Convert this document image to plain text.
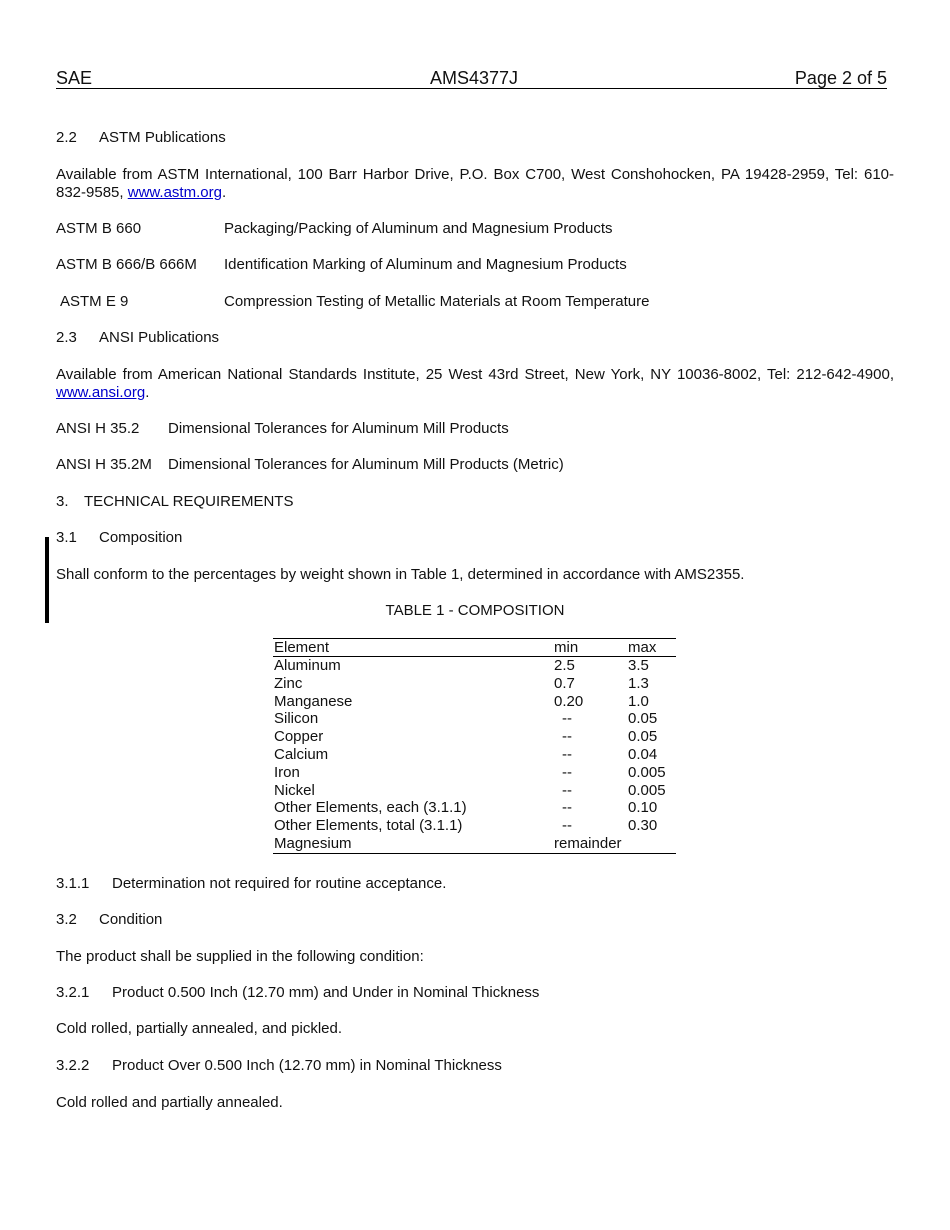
SAE	AMS4377J	Page 2 of 5
2.2 ASTM Publications
Available from ASTM International, 100 Barr Harbor Drive, P.O. Box C700, West Conshohocken, PA 19428-2959, Tel: 610-832-9585, www.astm.org.
ASTM B 660	Packaging/Packing of Aluminum and Magnesium Products
ASTM B 666/B 666M Identification Marking of Aluminum and Magnesium Products
ASTM E 9	Compression Testing of Metallic Materials at Room Temperature
2.3 ANSI Publications
Available from American National Standards Institute, 25 West 43rd Street, New York, NY 10036-8002, Tel: 212-642-4900, www.ansi.org.
ANSI H 35.2 Dimensional Tolerances for Aluminum Mill Products
ANSI H 35.2M Dimensional Tolerances for Aluminum Mill Products (Metric)
3. TECHNICAL REQUIREMENTS
3.1 Composition
Shall conform to the percentages by weight shown in Table 1, determined in accordance with AMS2355.
TABLE 1 - COMPOSITION
Element	min	max
Aluminum	2.5	3.5
Zinc	0.7	1.3
Manganese	0.20	1.0
Silicon	--	0.05
Copper	--	0.05
Calcium	--	0.04
Iron	--	0.005
Nickel	--	0.005
Other Elements, each (3.1.1)	--	0.10
Other Elements, total (3.1.1)	--	0.30
Magnesium	remainder	
3.1.1 Determination not required for routine acceptance.
3.2 Condition
The product shall be supplied in the following condition:
3.2.1 Product 0.500 Inch (12.70 mm) and Under in Nominal Thickness
Cold rolled, partially annealed, and pickled.
3.2.2 Product Over 0.500 Inch (12.70 mm) in Nominal Thickness
Cold rolled and partially annealed.
